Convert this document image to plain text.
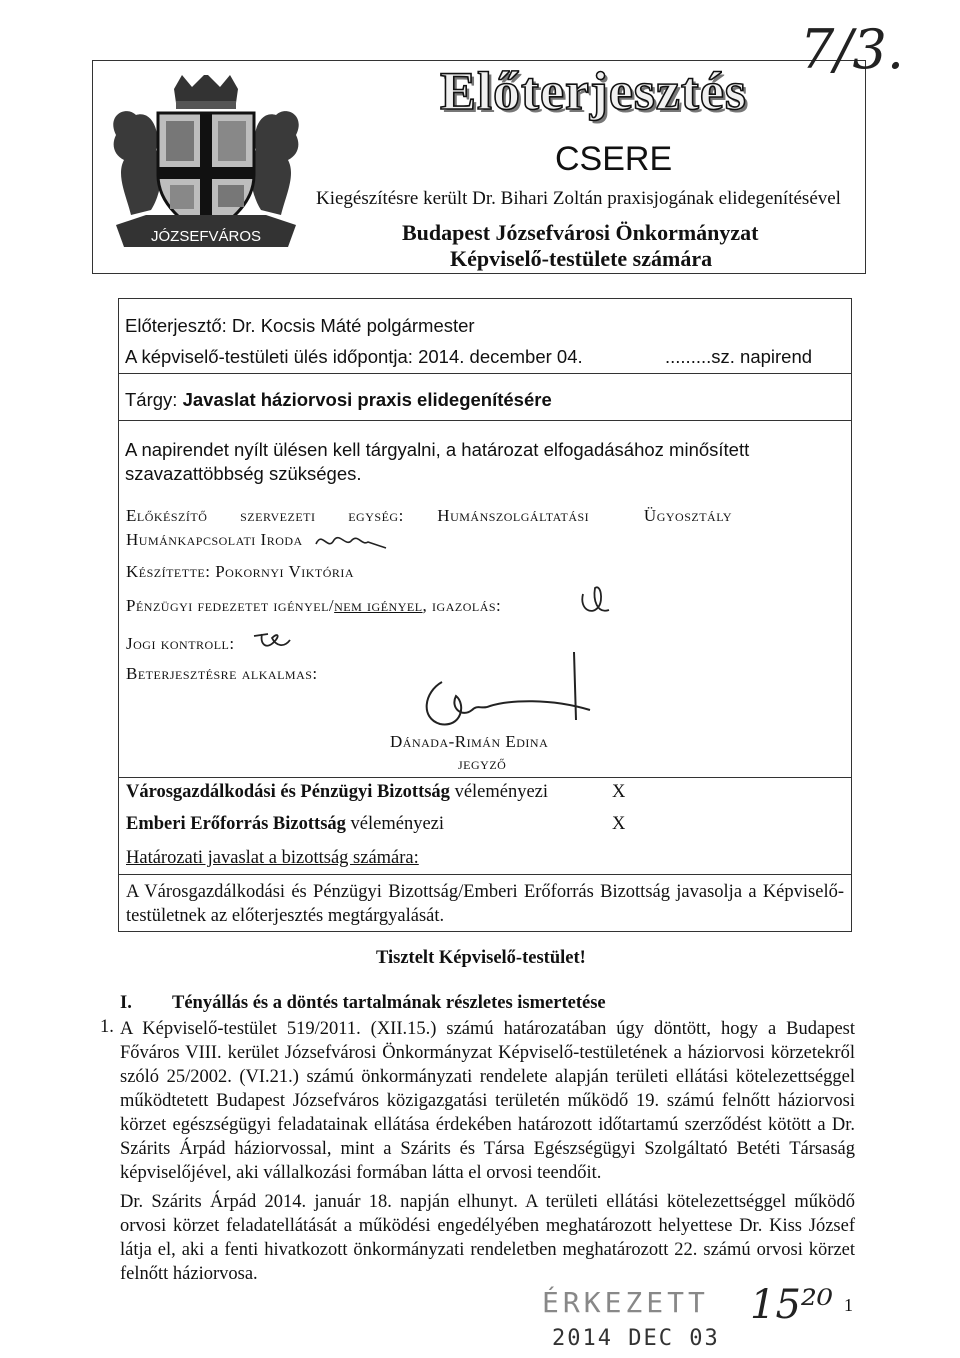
JÓZSEFVÁROS
Előterjesztés
7/3.
CSERE
Kiegészítésre került Dr. Bihari Zoltán praxisjogának elidegenítésével
Budapest Józsefvárosi Önkormányzat
Képviselő-testülete számára
Előterjesztő: Dr. Kocsis Máté polgármester
A képviselő-testületi ülés időpontja: 2014. december 04.	.........sz. napirend
Tárgy: Javaslat háziorvosi praxis elidegenítésére
A napirendet nyílt ülésen kell tárgyalni, a határozat elfogadásához minősített szavazattöbbség szükséges.
Előkészítő szervezeti egység: Humánszolgáltatási Ügyosztály
Humánkapcsolati Iroda
Készítette: Pokornyi Viktória
Pénzügyi fedezetet igényel/nem igényel, igazolás:
Jogi kontroll:
Beterjesztésre alkalmas:
Dánada-Rimán Edina
jegyző
Városgazdálkodási és Pénzügyi Bizottság véleményezi	X
Emberi Erőforrás Bizottság véleményezi	X
Határozati javaslat a bizottság számára:
A Városgazdálkodási és Pénzügyi Bizottság/Emberi Erőforrás Bizottság javasolja a Képviselő-testületnek az előterjesztés megtárgyalását.
Tisztelt Képviselő-testület!
I. Tényállás és a döntés tartalmának részletes ismertetése
1. A Képviselő-testület 519/2011. (XII.15.) számú határozatában úgy döntött, hogy a Budapest Főváros VIII. kerület Józsefvárosi Önkormányzat Képviselő-testületének a háziorvosi körzetekről szóló 25/2002. (VI.21.) számú önkormányzati rendelete alapján területi ellátási kötelezettséggel működtetett Budapest Józsefváros közigazgatási területén működő 19. számú felnőtt háziorvosi körzet egészségügyi feladatainak ellátása érdekében határozott időtartamú szerződést kötött a Dr. Szárits Árpád háziorvossal, mint a Szárits és Társa Egészségügyi Szolgáltató Betéti Társaság képviselőjével, aki vállalkozási formában látta el orvosi teendőit.
Dr. Szárits Árpád 2014. január 18. napján elhunyt. A területi ellátási kötelezettséggel működő orvosi körzet feladatellátását a működési engedélyében meghatározott helyettese Dr. Kiss József látja el, aki a fenti hivatkozott önkormányzati rendeletben meghatározott 22. számú orvosi körzet felnőtt háziorvosa.
ÉRKEZETT
2014 DEC 03
15²⁰ 1
